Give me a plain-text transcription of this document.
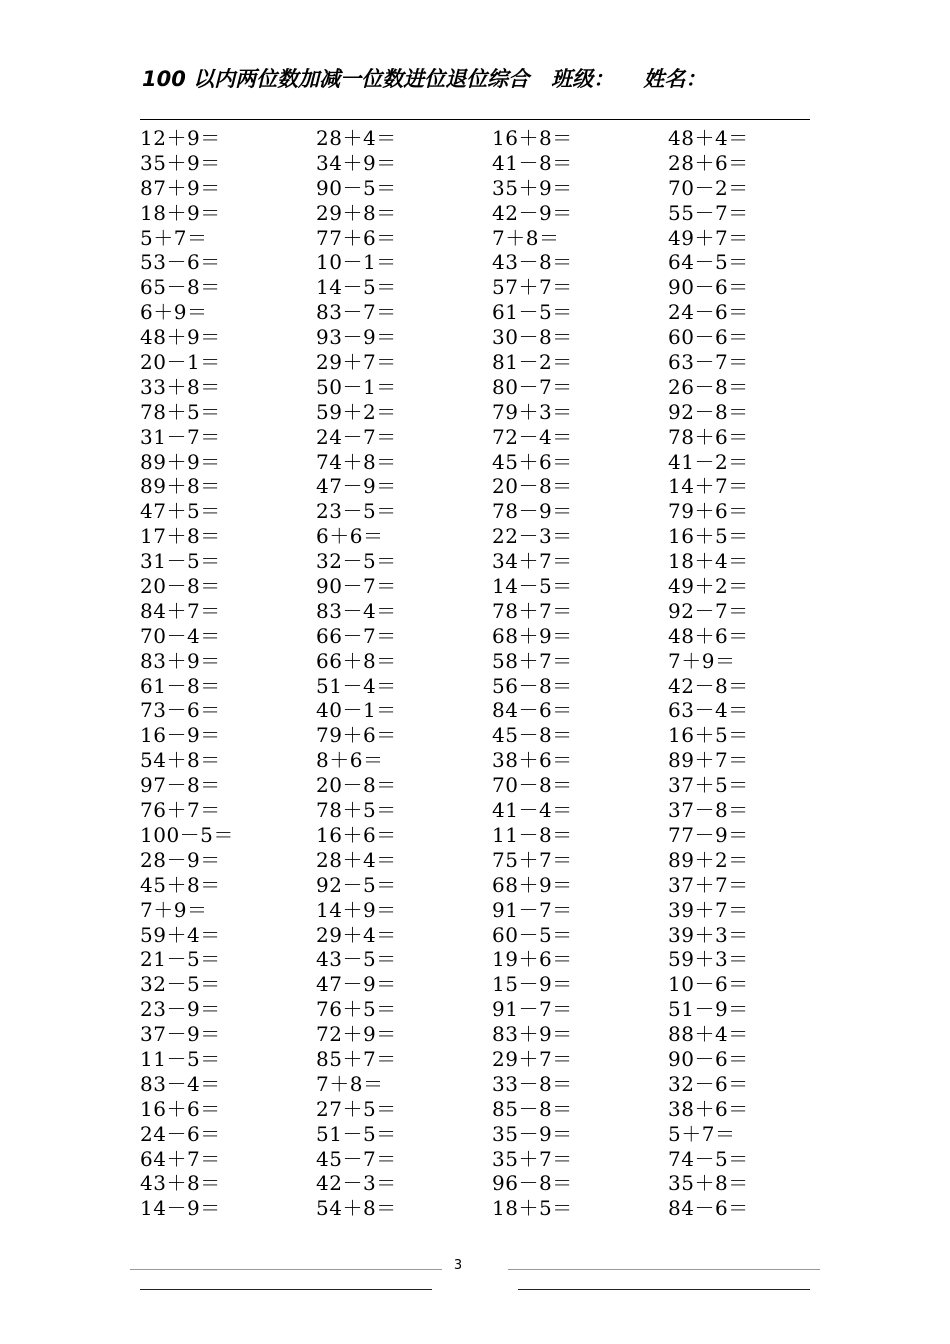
100 以内两位数加减一位数进位退位综合   班级：    姓名：
12＋9＝	28＋4＝	16＋8＝	48＋4＝
35＋9＝	34＋9＝	41－8＝	28＋6＝
87＋9＝	90－5＝	35＋9＝	70－2＝
18＋9＝	29＋8＝	42－9＝	55－7＝
5＋7＝	77＋6＝	7＋8＝	49＋7＝
53－6＝	10－1＝	43－8＝	64－5＝
65－8＝	14－5＝	57＋7＝	90－6＝
6＋9＝	83－7＝	61－5＝	24－6＝
48＋9＝	93－9＝	30－8＝	60－6＝
20－1＝	29＋7＝	81－2＝	63－7＝
33＋8＝	50－1＝	80－7＝	26－8＝
78＋5＝	59＋2＝	79＋3＝	92－8＝
31－7＝	24－7＝	72－4＝	78＋6＝
89＋9＝	74＋8＝	45＋6＝	41－2＝
89＋8＝	47－9＝	20－8＝	14＋7＝
47＋5＝	23－5＝	78－9＝	79＋6＝
17＋8＝	6＋6＝	22－3＝	16＋5＝
31－5＝	32－5＝	34＋7＝	18＋4＝
20－8＝	90－7＝	14－5＝	49＋2＝
84＋7＝	83－4＝	78＋7＝	92－7＝
70－4＝	66－7＝	68＋9＝	48＋6＝
83＋9＝	66＋8＝	58＋7＝	7＋9＝
61－8＝	51－4＝	56－8＝	42－8＝
73－6＝	40－1＝	84－6＝	63－4＝
16－9＝	79＋6＝	45－8＝	16＋5＝
54＋8＝	8＋6＝	38＋6＝	89＋7＝
97－8＝	20－8＝	70－8＝	37＋5＝
76＋7＝	78＋5＝	41－4＝	37－8＝
100－5＝	16＋6＝	11－8＝	77－9＝
28－9＝	28＋4＝	75＋7＝	89＋2＝
45＋8＝	92－5＝	68＋9＝	37＋7＝
7＋9＝	14＋9＝	91－7＝	39＋7＝
59＋4＝	29＋4＝	60－5＝	39＋3＝
21－5＝	43－5＝	19＋6＝	59＋3＝
32－5＝	47－9＝	15－9＝	10－6＝
23－9＝	76＋5＝	91－7＝	51－9＝
37－9＝	72＋9＝	83＋9＝	88＋4＝
11－5＝	85＋7＝	29＋7＝	90－6＝
83－4＝	7＋8＝	33－8＝	32－6＝
16＋6＝	27＋5＝	85－8＝	38＋6＝
24－6＝	51－5＝	35－9＝	5＋7＝
64＋7＝	45－7＝	35＋7＝	74－5＝
43＋8＝	42－3＝	96－8＝	35＋8＝
14－9＝	54＋8＝	18＋5＝	84－6＝
3
